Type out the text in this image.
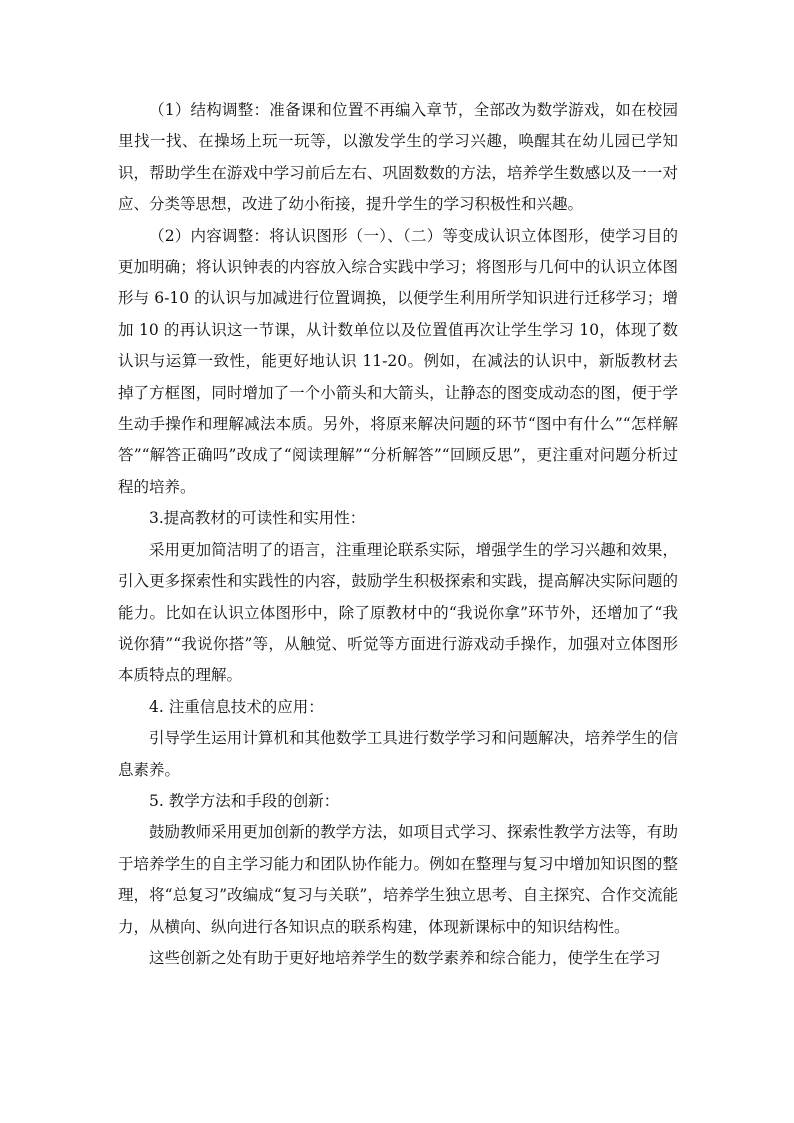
（1）结构调整：准备课和位置不再编入章节，全部改为数学游戏，如在校园里找一找、在操场上玩一玩等，以激发学生的学习兴趣，唤醒其在幼儿园已学知识，帮助学生在游戏中学习前后左右、巩固数数的方法，培养学生数感以及一一对应、分类等思想，改进了幼小衔接，提升学生的学习积极性和兴趣。

（2）内容调整：将认识图形（一）、（二）等变成认识立体图形，使学习目的更加明确；将认识钟表的内容放入综合实践中学习；将图形与几何中的认识立体图形与 6-10 的认识与加减进行位置调换，以便学生利用所学知识进行迁移学习；增加 10 的再认识这一节课，从计数单位以及位置值再次让学生学习 10，体现了数认识与运算一致性，能更好地认识 11-20。例如，在减法的认识中，新版教材去掉了方框图，同时增加了一个小箭头和大箭头，让静态的图变成动态的图，便于学生动手操作和理解减法本质。另外，将原来解决问题的环节“图中有什么”“怎样解答”“解答正确吗”改成了“阅读理解”“分析解答”“回顾反思”，更注重对问题分析过程的培养。

3.提高教材的可读性和实用性：

采用更加简洁明了的语言，注重理论联系实际，增强学生的学习兴趣和效果，引入更多探索性和实践性的内容，鼓励学生积极探索和实践，提高解决实际问题的能力。比如在认识立体图形中，除了原教材中的“我说你拿”环节外，还增加了“我说你猜”“我说你搭”等，从触觉、听觉等方面进行游戏动手操作，加强对立体图形本质特点的理解。

4. 注重信息技术的应用：

引导学生运用计算机和其他数学工具进行数学学习和问题解决，培养学生的信息素养。

5. 教学方法和手段的创新：

鼓励教师采用更加创新的教学方法，如项目式学习、探索性教学方法等，有助于培养学生的自主学习能力和团队协作能力。例如在整理与复习中增加知识图的整理，将“总复习”改编成“复习与关联”，培养学生独立思考、自主探究、合作交流能力，从横向、纵向进行各知识点的联系构建，体现新课标中的知识结构性。

这些创新之处有助于更好地培养学生的数学素养和综合能力，使学生在学习
